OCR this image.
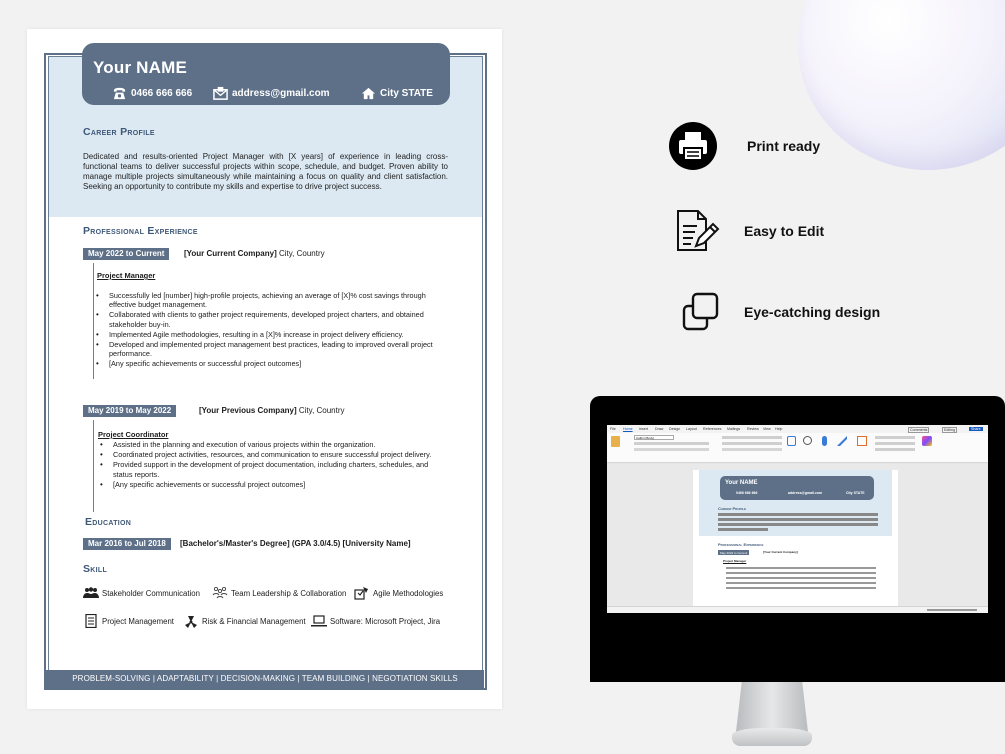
Your NAME
0466 666 666	address@gmail.com	City STATE
Career Profile
Dedicated and results-oriented Project Manager with [X years] of experience in leading cross-functional teams to deliver successful projects within scope, schedule, and budget. Proven ability to manage multiple projects simultaneously while maintaining a focus on quality and client satisfaction. Seeking an opportunity to contribute my skills and expertise to drive project success.
Professional Experience
May 2022 to Current	[Your Current Company] City, Country
Project Manager
• Successfully led [number] high-profile projects, achieving an average of [X]% cost savings through effective budget management.
• Collaborated with clients to gather project requirements, developed project charters, and obtained stakeholder buy-in.
• Implemented Agile methodologies, resulting in a [X]% increase in project delivery efficiency.
• Developed and implemented project management best practices, leading to improved overall project performance.
• [Any specific achievements or successful project outcomes]
May 2019 to May 2022	[Your Previous Company] City, Country
Project Coordinator
• Assisted in the planning and execution of various projects within the organization.
• Coordinated project activities, resources, and communication to ensure successful project delivery.
• Provided support in the development of project documentation, including charters, schedules, and status reports.
• [Any specific achievements or successful project outcomes]
Education
Mar 2016 to Jul 2018	[Bachelor's/Master's Degree] (GPA 3.0/4.5) [University Name]
Skill
Stakeholder Communication	Team Leadership & Collaboration	Agile Methodologies
Project Management	Risk & Financial Management	Software: Microsoft Project, Jira
PROBLEM-SOLVING | ADAPTABILITY | DECISION-MAKING | TEAM BUILDING | NEGOTIATION SKILLS
Print ready
Easy to Edit
Eye-catching design
File Home Insert Draw Design Layout References Mailings Review View Help	Comments	Editing	Share
Calibri (Body)
Your NAME
0466 666 666	address@gmail.com	City STATE
Career Profile
Professional Experience
May 2022 to Current	[Your Current Company]
Project Manager
